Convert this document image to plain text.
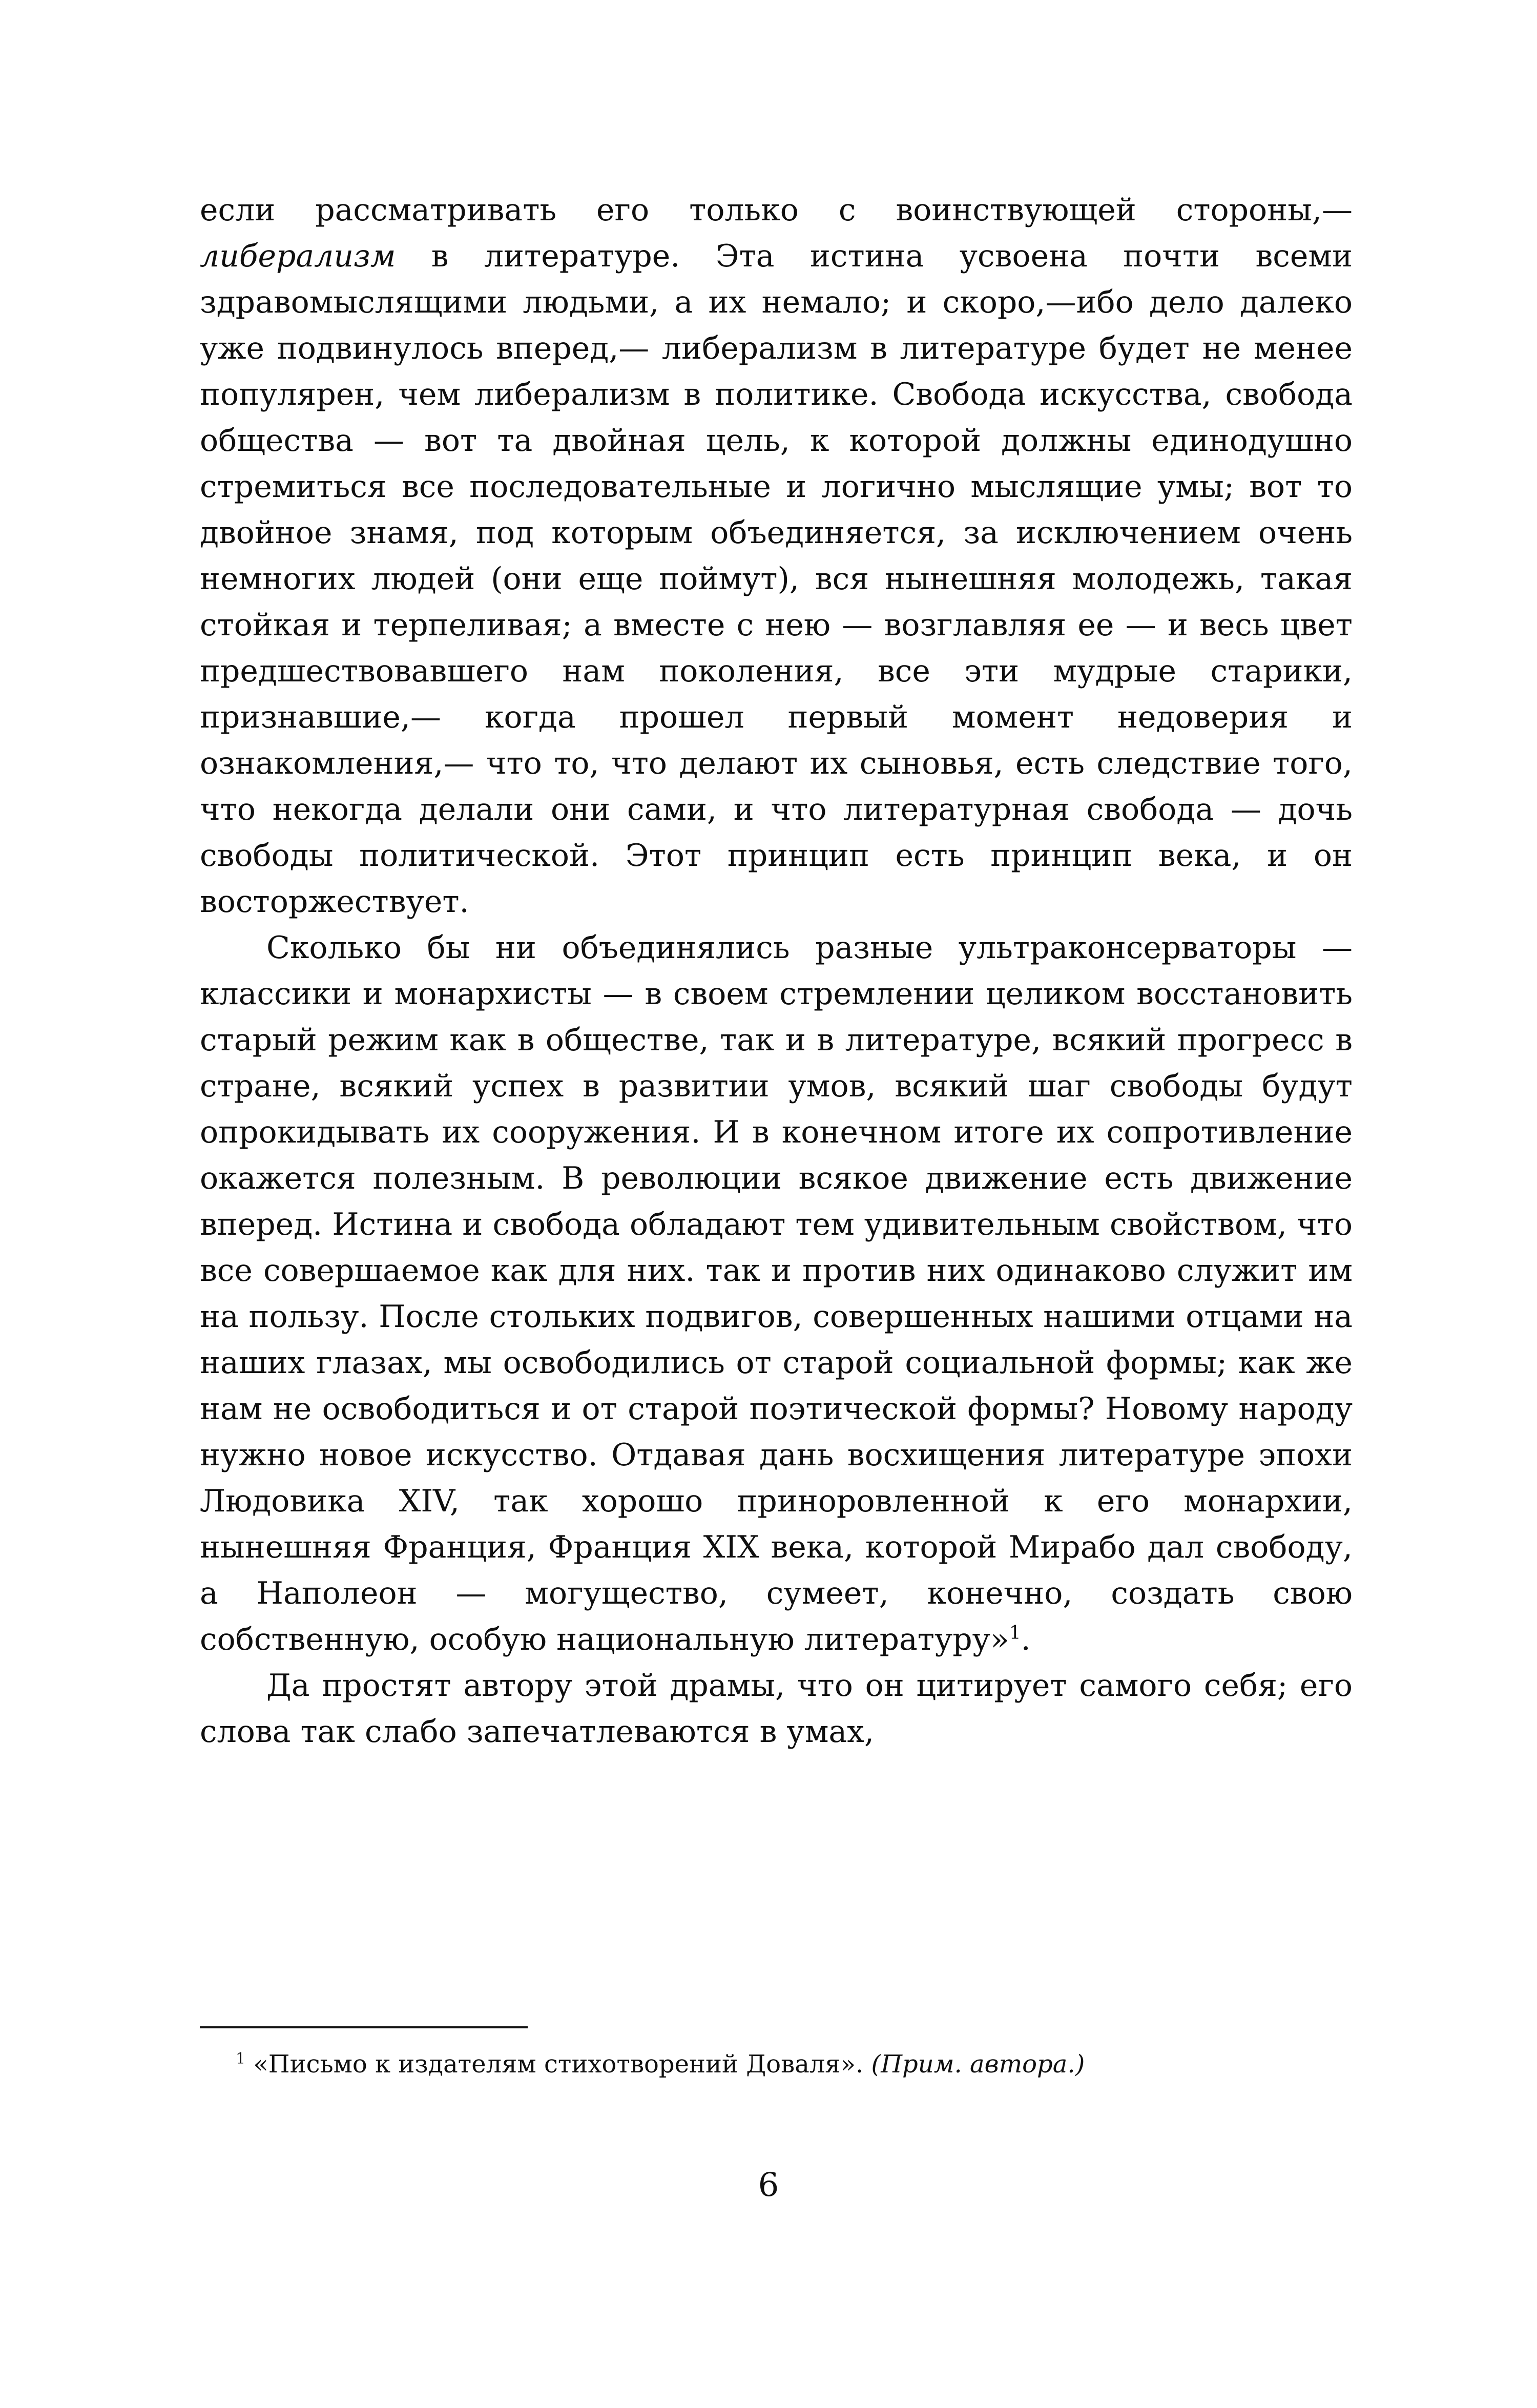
если рассматривать его только с воинствующей стороны,— либерализм в литературе. Эта истина усвоена почти всеми здравомыслящими людьми, а их немало; и скоро,—ибо дело далеко уже подвинулось вперед,— либерализм в литературе будет не менее популярен, чем либерализм в политике. Свобода искусства, свобода общества — вот та двойная цель, к которой должны единодушно стремиться все последовательные и логично мыслящие умы; вот то двойное знамя, под которым объединяется, за исключением очень немногих людей (они еще поймут), вся нынешняя молодежь, такая стойкая и терпеливая; а вместе с нею — возглавляя ее — и весь цвет предшествовавшего нам поколения, все эти мудрые старики, признавшие,— когда прошел первый момент недоверия и ознакомления,— что то, что делают их сыновья, есть следствие того, что некогда делали они сами, и что литературная свобода — дочь свободы политической. Этот принцип есть принцип века, и он восторжествует.

Сколько бы ни объединялись разные ультраконсерваторы — классики и монархисты — в своем стремлении целиком восстановить старый режим как в обществе, так и в литературе, всякий прогресс в стране, всякий успех в развитии умов, всякий шаг свободы будут опрокидывать их сооружения. И в конечном итоге их сопротивление окажется полезным. В революции всякое движение есть движение вперед. Истина и свобода обладают тем удивительным свойством, что все совершаемое как для них. так и против них одинаково служит им на пользу. После стольких подвигов, совершенных нашими отцами на наших глазах, мы освободились от старой социальной формы; как же нам не освободиться и от старой поэтической формы? Новому народу нужно новое искусство. Отдавая дань восхищения литературе эпохи Людовика XIV, так хорошо приноровленной к его монархии, нынешняя Франция, Франция XIX века, которой Мирабо дал свободу, а Наполеон — могущество, сумеет, конечно, создать свою собственную, особую национальную литературу»$^1$.

Да простят автору этой драмы, что он цитирует самого себя; его слова так слабо запечатлеваются в умах,

$^1$ «Письмо к издателям стихотворений Доваля». (Прим. автора.)

6
